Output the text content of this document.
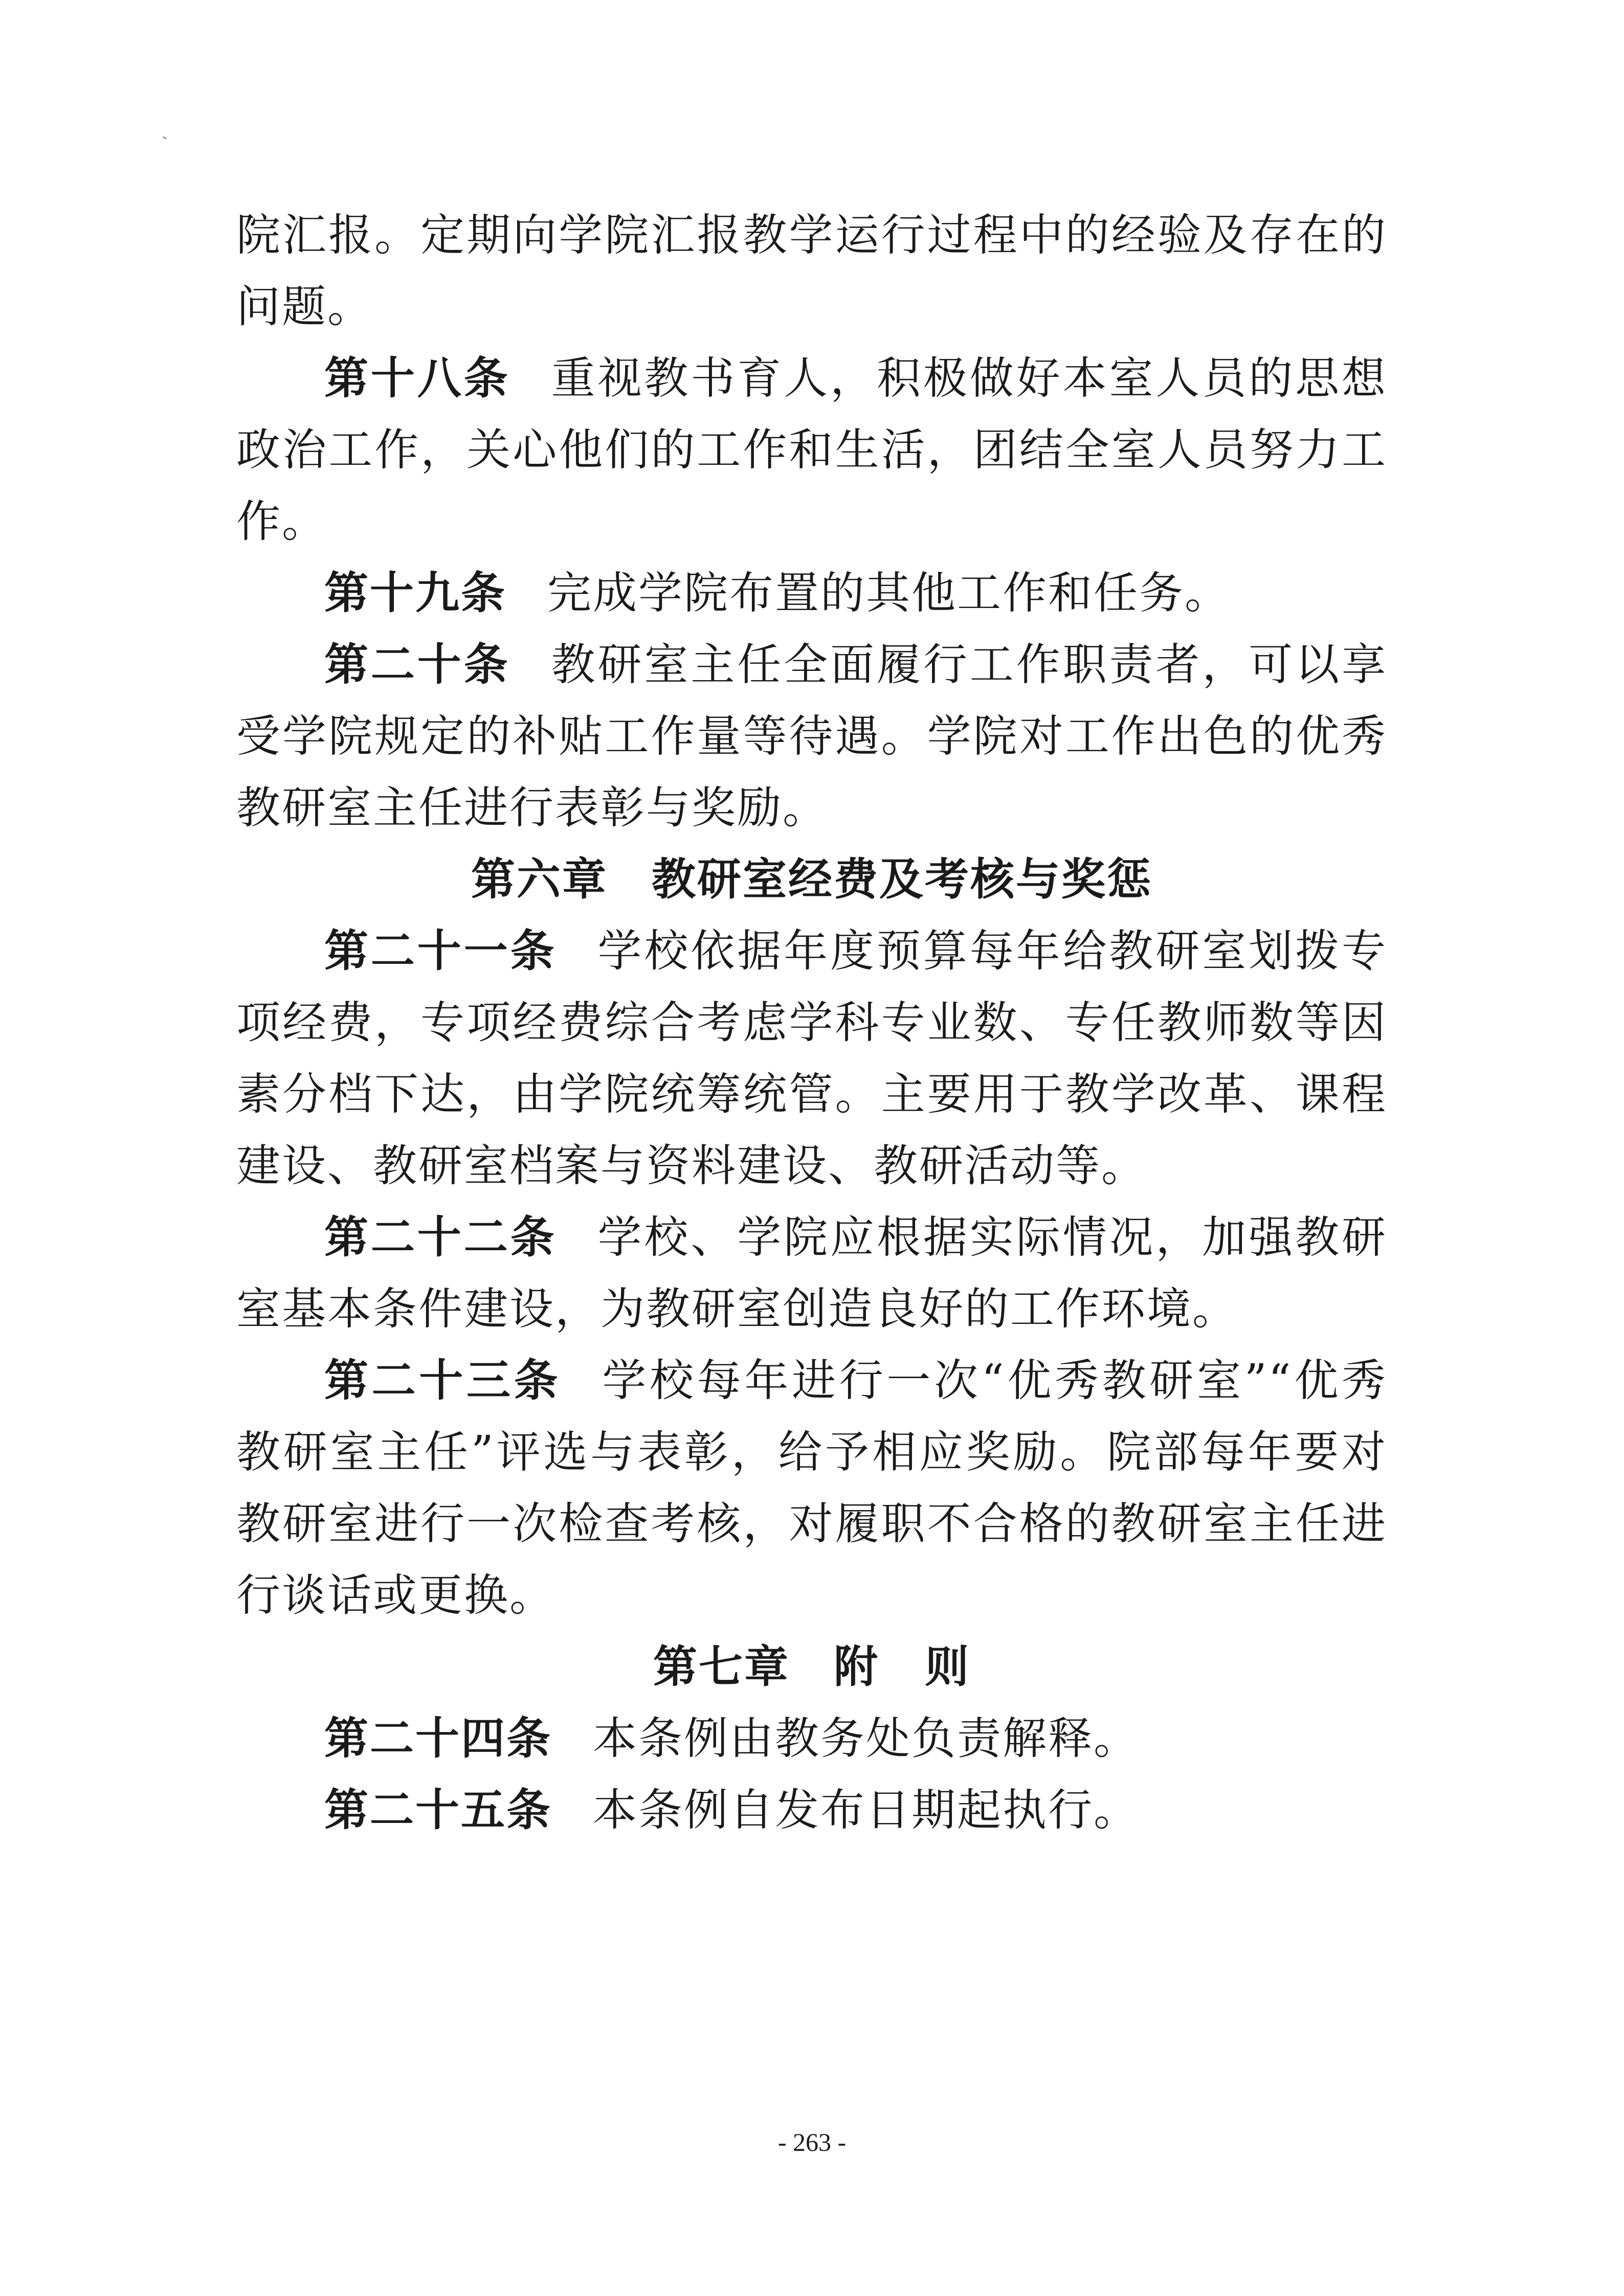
院汇报。定期向学院汇报教学运行过程中的经验及存在的问题。

第十八条 重视教书育人，积极做好本室人员的思想政治工作，关心他们的工作和生活，团结全室人员努力工作。

第十九条 完成学院布置的其他工作和任务。

第二十条 教研室主任全面履行工作职责者，可以享受学院规定的补贴工作量等待遇。学院对工作出色的优秀教研室主任进行表彰与奖励。

第六章 教研室经费及考核与奖惩

第二十一条 学校依据年度预算每年给教研室划拨专项经费，专项经费综合考虑学科专业数、专任教师数等因素分档下达，由学院统筹统管。主要用于教学改革、课程建设、教研室档案与资料建设、教研活动等。

第二十二条 学校、学院应根据实际情况，加强教研室基本条件建设，为教研室创造良好的工作环境。

第二十三条 学校每年进行一次“优秀教研室”“优秀教研室主任”评选与表彰，给予相应奖励。院部每年要对教研室进行一次检查考核，对履职不合格的教研室主任进行谈话或更换。

第七章 附　则

第二十四条 本条例由教务处负责解释。

第二十五条 本条例自发布日期起执行。

- 263 -
